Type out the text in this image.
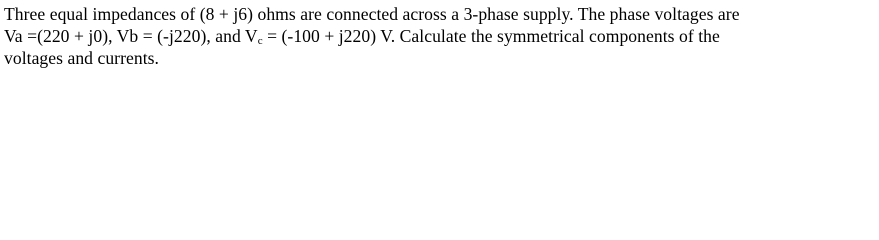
Three equal impedances of (8 + j6) ohms are connected across a 3-phase supply. The phase voltages are
Va =(220 + j0), Vb = (-j220), and Vc = (-100 + j220) V. Calculate the symmetrical components of the
voltages and currents.
